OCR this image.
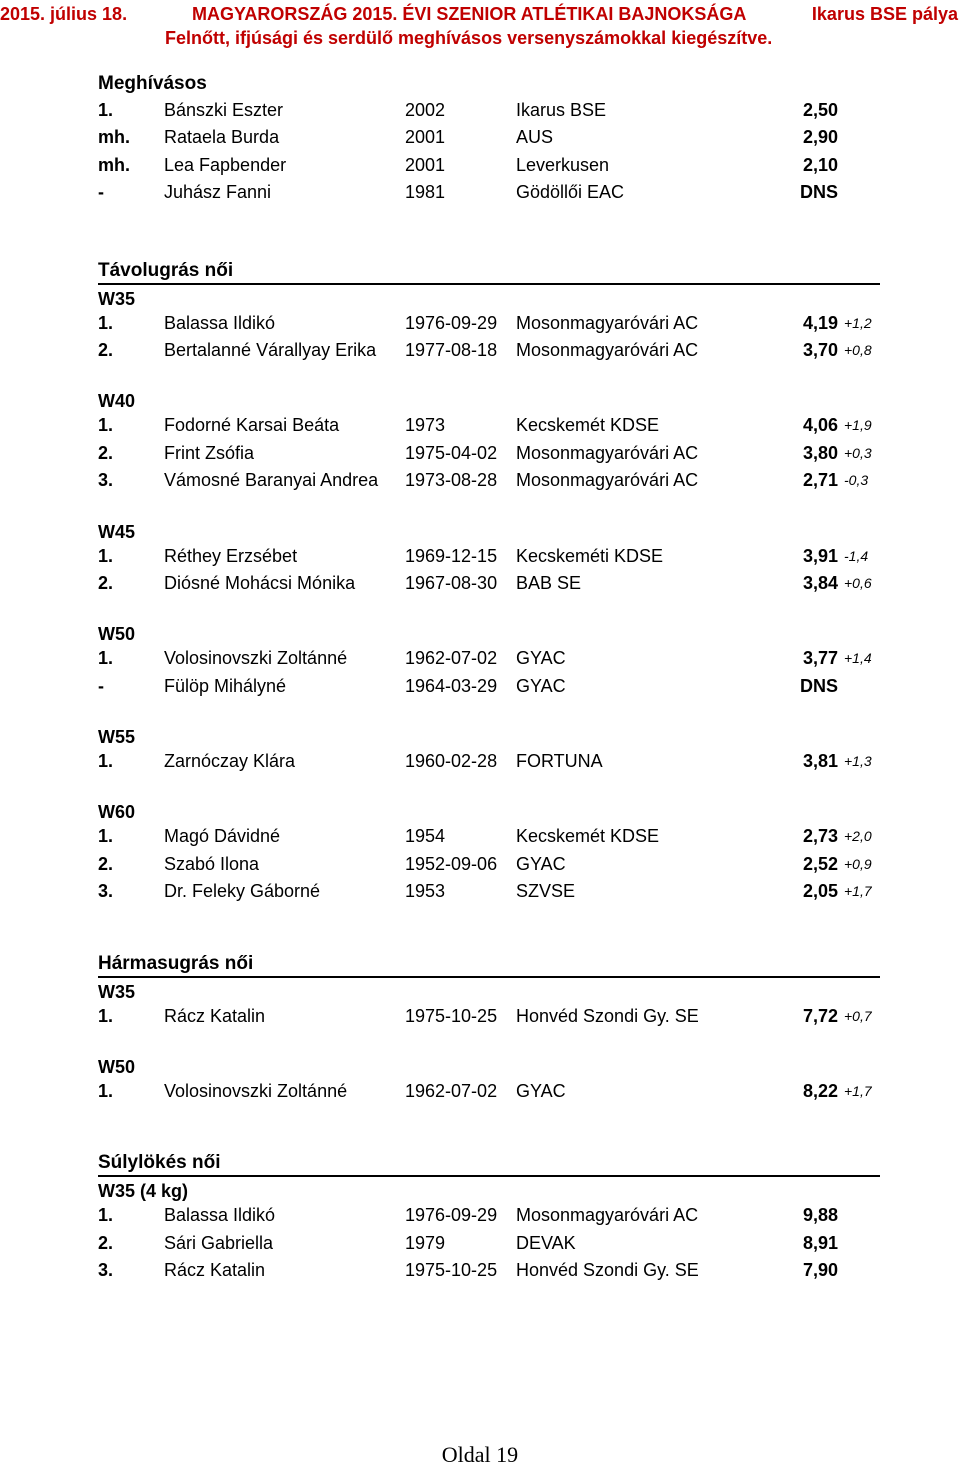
2015. július 18.	MAGYARORSZÁG 2015. ÉVI SZENIOR ATLÉTIKAI BAJNOKSÁGA	Ikarus BSE pálya
Felnőtt, ifjúsági és serdülő meghívásos versenyszámokkal kiegészítve.
Meghívásos
1.	Bánszki Eszter	2002	Ikarus BSE	2,50
mh. Rataela Burda	2001	AUS	2,90
mh. Lea Fapbender	2001	Leverkusen	2,10
-	Juhász Fanni	1981	Gödöllői EAC	DNS
Távolugrás női
W35
1.	Balassa Ildikó	1976-09-29 Mosonmagyaróvári AC	4,19 +1,2
2.	Bertalanné Várallyay Erika 1977-08-18 Mosonmagyaróvári AC	3,70 +0,8
W40
1.	Fodorné Karsai Beáta	1973	Kecskemét KDSE	4,06 +1,9
2.	Frint Zsófia	1975-04-02 Mosonmagyaróvári AC	3,80 +0,3
3.	Vámosné Baranyai Andrea 1973-08-28 Mosonmagyaróvári AC	2,71 -0,3
W45
1.	Réthey Erzsébet	1969-12-15 Kecskeméti KDSE	3,91 -1,4
2.	Diósné Mohácsi Mónika	1967-08-30 BAB SE	3,84 +0,6
W50
1.	Volosinovszki Zoltánné	1962-07-02 GYAC	3,77 +1,4
-	Fülöp Mihályné	1964-03-29 GYAC	DNS
W55
1.	Zarnóczay Klára	1960-02-28 FORTUNA	3,81 +1,3
W60
1.	Magó Dávidné	1954	Kecskemét KDSE	2,73 +2,0
2.	Szabó Ilona	1952-09-06 GYAC	2,52 +0,9
3.	Dr. Feleky Gáborné	1953	SZVSE	2,05 +1,7
Hármasugrás női
W35
1.	Rácz Katalin	1975-10-25 Honvéd Szondi Gy. SE	7,72 +0,7
W50
1.	Volosinovszki Zoltánné	1962-07-02 GYAC	8,22 +1,7
Súlylökés női
W35 (4 kg)
1.	Balassa Ildikó	1976-09-29 Mosonmagyaróvári AC	9,88
2.	Sári Gabriella	1979	DEVAK	8,91
3.	Rácz Katalin	1975-10-25 Honvéd Szondi Gy. SE	7,90
Oldal 19
